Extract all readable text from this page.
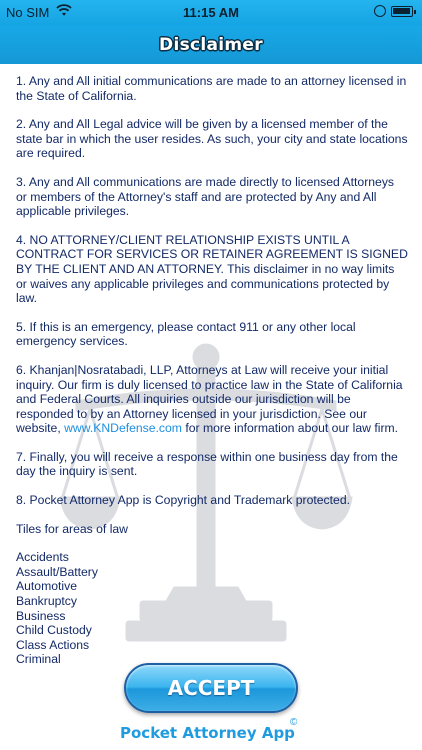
No SIM	11:15 AM
Disclaimer

1. Any and All initial communications are made to an attorney licensed in the State of California.

2. Any and All Legal advice will be given by a licensed member of the state bar in which the user resides. As such, your city and state locations are required.

3. Any and All communications are made directly to licensed Attorneys or members of the Attorney's staff and are protected by Any and All applicable privileges.

4. NO ATTORNEY/CLIENT RELATIONSHIP EXISTS UNTIL A CONTRACT FOR SERVICES OR RETAINER AGREEMENT IS SIGNED BY THE CLIENT AND AN ATTORNEY. This disclaimer in no way limits or waives any applicable privileges and communications protected by law.

5. If this is an emergency, please contact 911 or any other local emergency services.

6. Khanjan|Nosratabadi, LLP, Attorneys at Law will receive your initial inquiry. Our firm is duly licensed to practice law in the State of California and Federal Courts. All inquiries outside our jurisdiction will be responded to by an Attorney licensed in your jurisdiction. See our website, www.KNDefense.com for more information about our law firm.

7. Finally, you will receive a response within one business day from the day the inquiry is sent.

8. Pocket Attorney App is Copyright and Trademark protected.

Tiles for areas of law

Accidents
Assault/Battery
Automotive
Bankruptcy
Business
Child Custody
Class Actions
Criminal
ACCEPT
Pocket Attorney App
©
